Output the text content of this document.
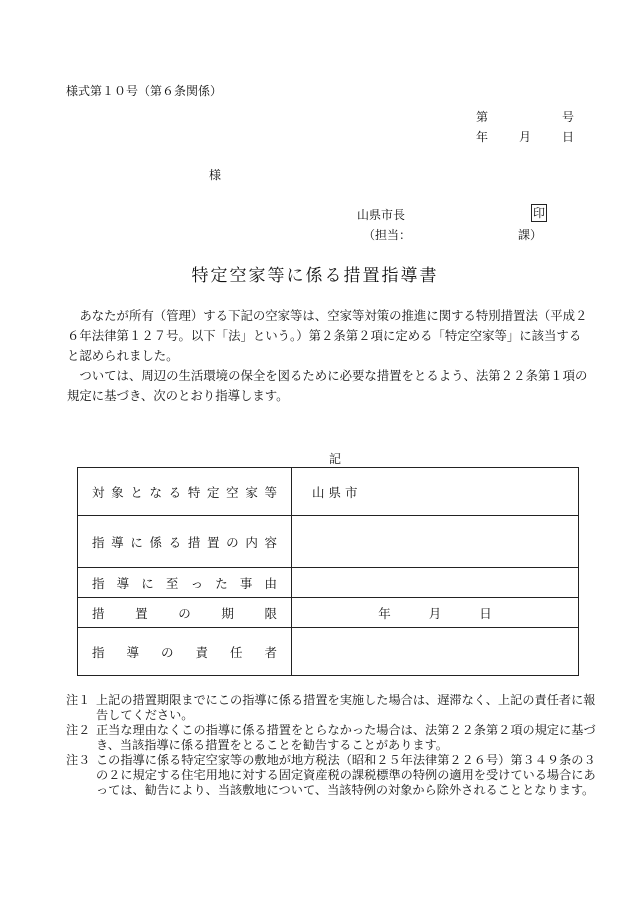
様式第１０号（第６条関係）
第	号
年	月	日
様
山県市長	印
（担当：	課）
特定空家等に係る措置指導書

あなたが所有（管理）する下記の空家等は、空家等対策の推進に関する特別措置法（平成２６年法律第１２７号。以下「法」という。）第２条第２項に定める「特定空家等」に該当すると認められました。

ついては、周辺の生活環境の保全を図るために必要な措置をとるよう、法第２２条第１項の規定に基づき、次のとおり指導します。

記
対象となる特定空家等	山 県 市
指導に係る措置の内容	
指導に至った事由	
措置の期限	年 月 日
指導の責任者	
注１ 上記の措置期限までにこの指導に係る措置を実施した場合は、遅滞なく、上記の責任者に報告してください。
注２ 正当な理由なくこの指導に係る措置をとらなかった場合は、法第２２条第２項の規定に基づき、当該指導に係る措置をとることを勧告することがあります。
注３ この指導に係る特定空家等の敷地が地方税法（昭和２５年法律第２２６号）第３４９条の３の２に規定する住宅用地に対する固定資産税の課税標準の特例の適用を受けている場合にあっては、勧告により、当該敷地について、当該特例の対象から除外されることとなります。
